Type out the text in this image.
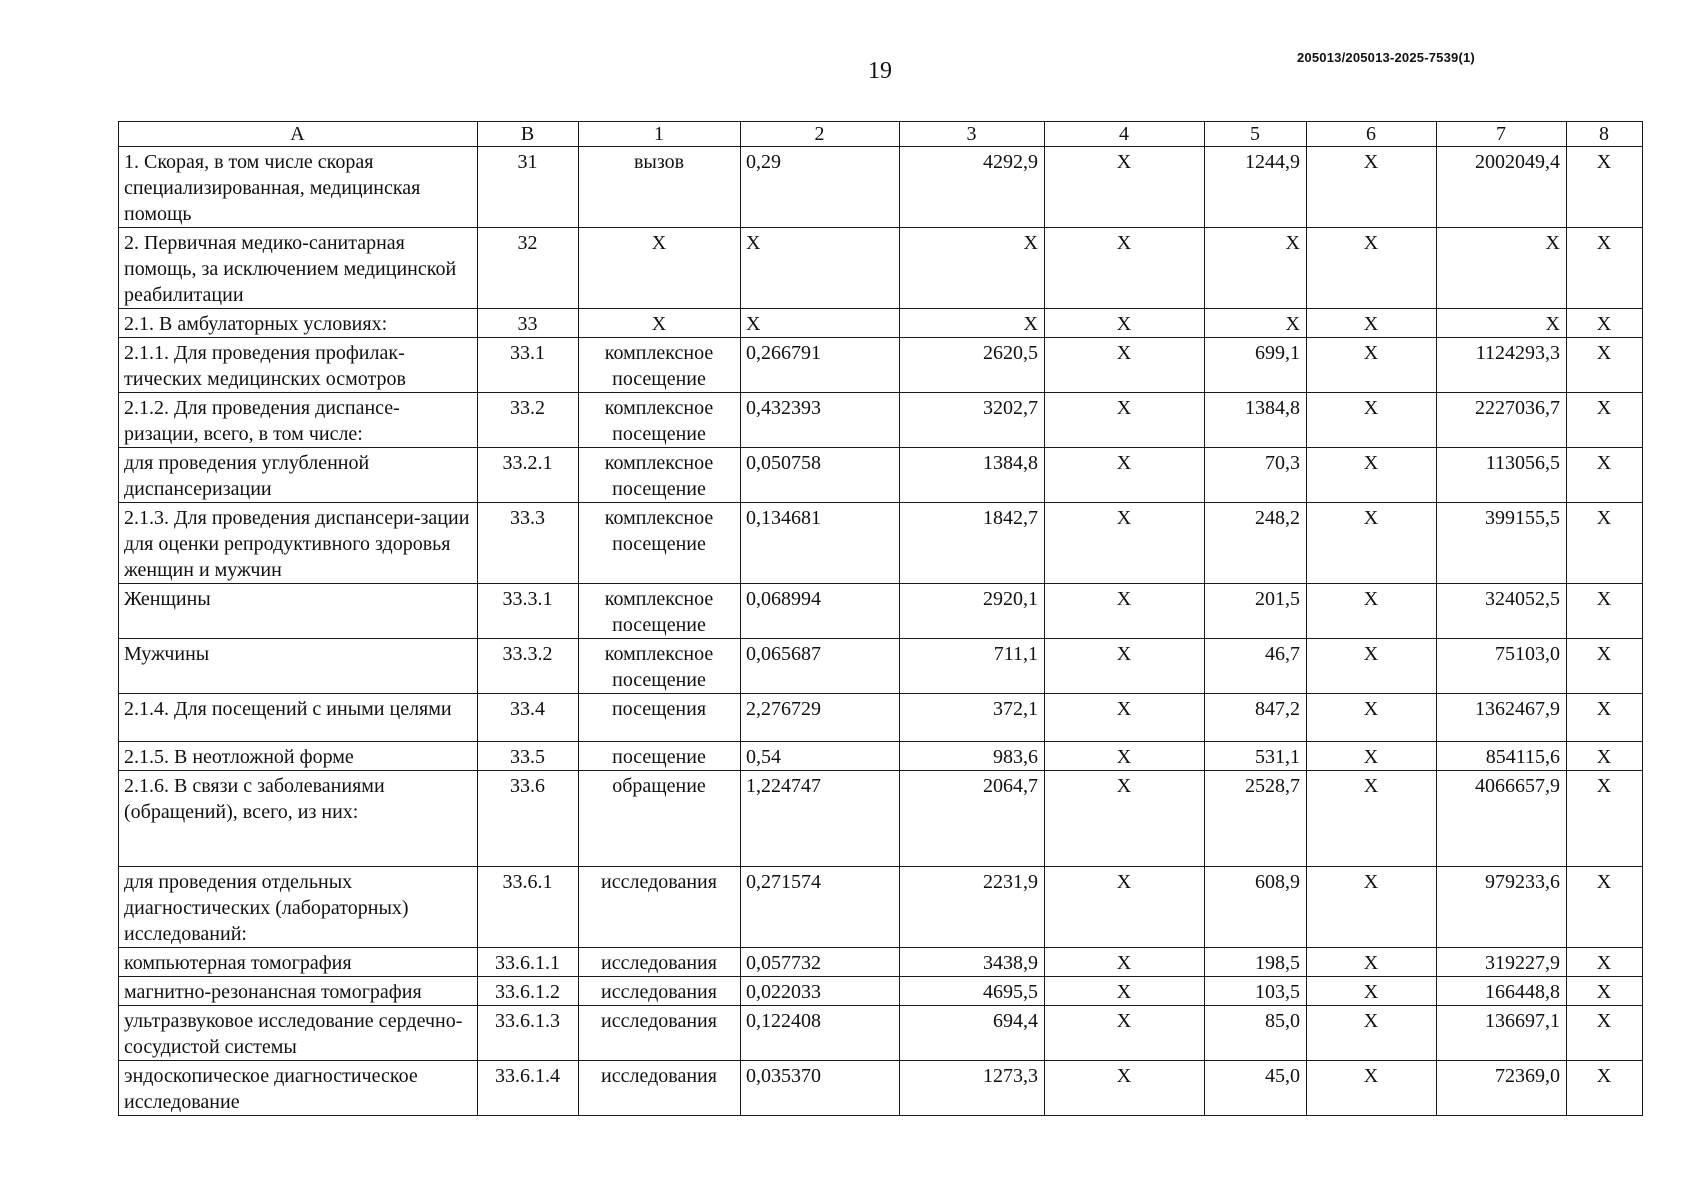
19
205013/205013-2025-7539(1)
A	B	1	2	3	4	5	6	7	8
1. Скорая, в том числе скорая специализированная, медицинская помощь	31	вызов	0,29	4292,9	X	1244,9	X	2002049,4	X
2. Первичная медико-санитарная помощь, за исключением медицинской реабилитации	32	X	X	X	X	X	X	X	X
2.1. В амбулаторных условиях:	33	X	X	X	X	X	X	X	X
2.1.1. Для проведения профилак-тических медицинских осмотров	33.1	комплексное посещение	0,266791	2620,5	X	699,1	X	1124293,3	X
2.1.2. Для проведения диспансе-ризации, всего, в том числе:	33.2	комплексное посещение	0,432393	3202,7	X	1384,8	X	2227036,7	X
для проведения углубленной диспансеризации	33.2.1	комплексное посещение	0,050758	1384,8	X	70,3	X	113056,5	X
2.1.3. Для проведения диспансери-зации для оценки репродуктивного здоровья женщин и мужчин	33.3	комплексное посещение	0,134681	1842,7	X	248,2	X	399155,5	X
Женщины	33.3.1	комплексное посещение	0,068994	2920,1	X	201,5	X	324052,5	X
Мужчины	33.3.2	комплексное посещение	0,065687	711,1	X	46,7	X	75103,0	X
2.1.4. Для посещений с иными целями	33.4	посещения	2,276729	372,1	X	847,2	X	1362467,9	X
2.1.5. В неотложной форме	33.5	посещение	0,54	983,6	X	531,1	X	854115,6	X
2.1.6. В связи с заболеваниями (обращений), всего, из них:	33.6	обращение	1,224747	2064,7	X	2528,7	X	4066657,9	X
для проведения отдельных диагностических (лабораторных) исследований:	33.6.1	исследования	0,271574	2231,9	X	608,9	X	979233,6	X
компьютерная томография	33.6.1.1	исследования	0,057732	3438,9	X	198,5	X	319227,9	X
магнитно-резонансная томография	33.6.1.2	исследования	0,022033	4695,5	X	103,5	X	166448,8	X
ультразвуковое исследование сердечно-сосудистой системы	33.6.1.3	исследования	0,122408	694,4	X	85,0	X	136697,1	X
эндоскопическое диагностическое исследование	33.6.1.4	исследования	0,035370	1273,3	X	45,0	X	72369,0	X
